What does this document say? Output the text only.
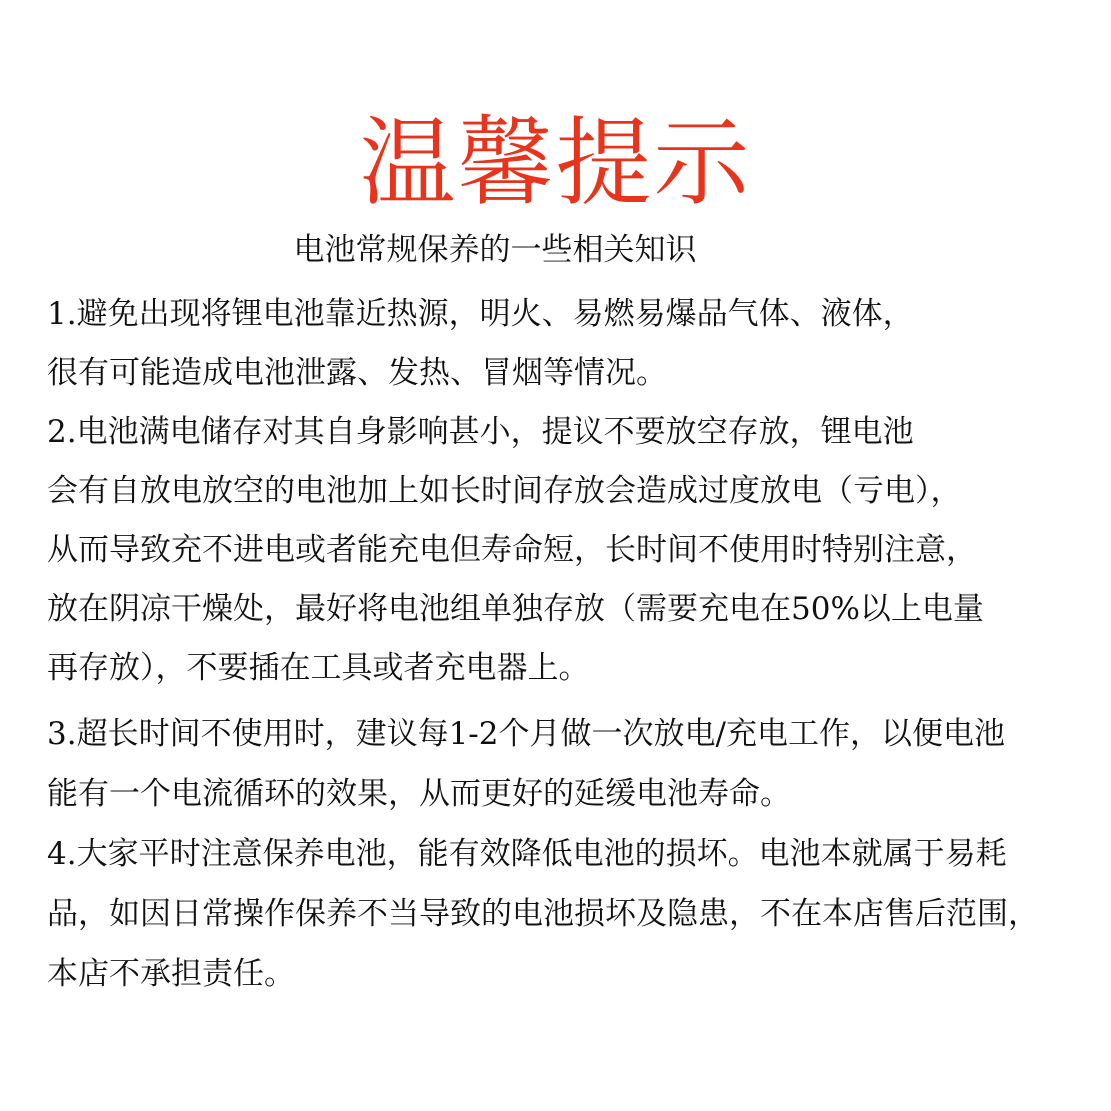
温馨提示
电池常规保养的一些相关知识
1.避免出现将锂电池靠近热源，明火、易燃易爆品气体、液体，
很有可能造成电池泄露、发热、冒烟等情况。
2.电池满电储存对其自身影响甚小，提议不要放空存放，锂电池
会有自放电放空的电池加上如长时间存放会造成过度放电（亏电），
从而导致充不进电或者能充电但寿命短，长时间不使用时特别注意，
放在阴凉干燥处，最好将电池组单独存放（需要充电在50%以上电量
再存放），不要插在工具或者充电器上。
3.超长时间不使用时，建议每1-2个月做一次放电/充电工作，以便电池
能有一个电流循环的效果，从而更好的延缓电池寿命。
4.大家平时注意保养电池，能有效降低电池的损坏。电池本就属于易耗
品，如因日常操作保养不当导致的电池损坏及隐患，不在本店售后范围，
本店不承担责任。
